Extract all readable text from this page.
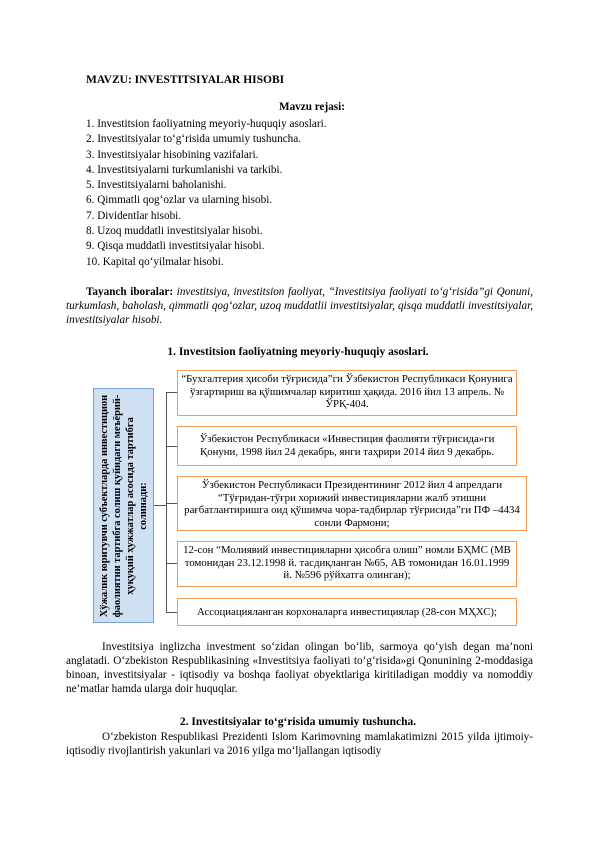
MAVZU: INVESTITSIYALAR HISOBI
Mavzu rejasi:
1. Investitsion faoliyatning meyoriy-huquqiy asoslari.
2. Investitsiyalar to‘g‘risida umumiy tushuncha.
3. Investitsiyalar hisobining vazifalari.
4. Investitsiyalarni turkumlanishi va tarkibi.
5. Investitsiyalarni baholanishi.
6. Qimmatli qog‘ozlar va ularning hisobi.
7. Dividentlar hisobi.
8. Uzoq muddatli investitsiyalar hisobi.
9. Qisqa muddatli investitsiyalar hisobi.
10. Kapital qo‘yilmalar hisobi.
Tayanch iboralar: investitsiya, investitsion faoliyat, “Investitsiya faoliyati to‘g‘risida”gi Qonuni, turkumlash, baholash, qimmatli qog‘ozlar, uzoq muddatlii investitsiyalar, qisqa muddatli investitsiyalar, investitsiyalar hisobi.
1. Investitsion faoliyatning meyoriy-huquqiy asoslari.
Хўжалик юритувчи субъектларда инвестицион фаолиятни тартибга солиш қуйидаги меъёрий-ҳуқуқий ҳужжатлар асосида тартибга солинади:
“Бухгалтерия ҳисоби тўғрисида”ги Ўзбекистон Республикаси Қонунига ўзгартириш ва қўшимчалар киритиш ҳақида. 2016 йил 13 апрель. № ЎРҚ-404.
Ўзбекистон Республикаси «Инвестиция фаолияти тўғрисида»ги Қонуни, 1998 йил 24 декабрь, янги таҳрири 2014 йил 9 декабрь.
Ўзбекистон Республикаси Президентининг 2012 йил 4 апрелдаги “Тўғридан-тўғри хорижий инвестицияларни жалб этишни рағбатлантиришга оид қўшимча чора-тадбирлар тўғрисида”ги ПФ –4434 сонли Фармони;
12-сон “Молиявий инвестицияларни ҳисобга олиш” номли БҲМС (МВ томонидан 23.12.1998 й. тасдиқланган №65, АВ томонидан 16.01.1999 й. №596 рўйхатга олинган);
Ассоциацияланган корхоналарга инвестициялар (28-сон МҲХС);
Investitsiya inglizcha investment so‘zidan olingan bo‘lib, sarmoya qo‘yish degan ma’noni anglatadi. O‘zbekiston Respublikasining «Investitsiya faoliyati to‘g‘risida»gi Qonunining 2-moddasiga binoan, investitsiyalar - iqtisodiy va boshqa faoliyat obyektlariga kiritiladigan moddiy va nomoddiy ne’matlar hamda ularga doir huquqlar.
2. Investitsiyalar to‘g‘risida umumiy tushuncha.
O‘zbekiston Respublikasi Prezidenti Islom Karimovning mamlakatimizni 2015 yilda ijtimoiy-iqtisodiy rivojlantirish yakunlari va 2016 yilga mo‘ljallangan iqtisodiy
